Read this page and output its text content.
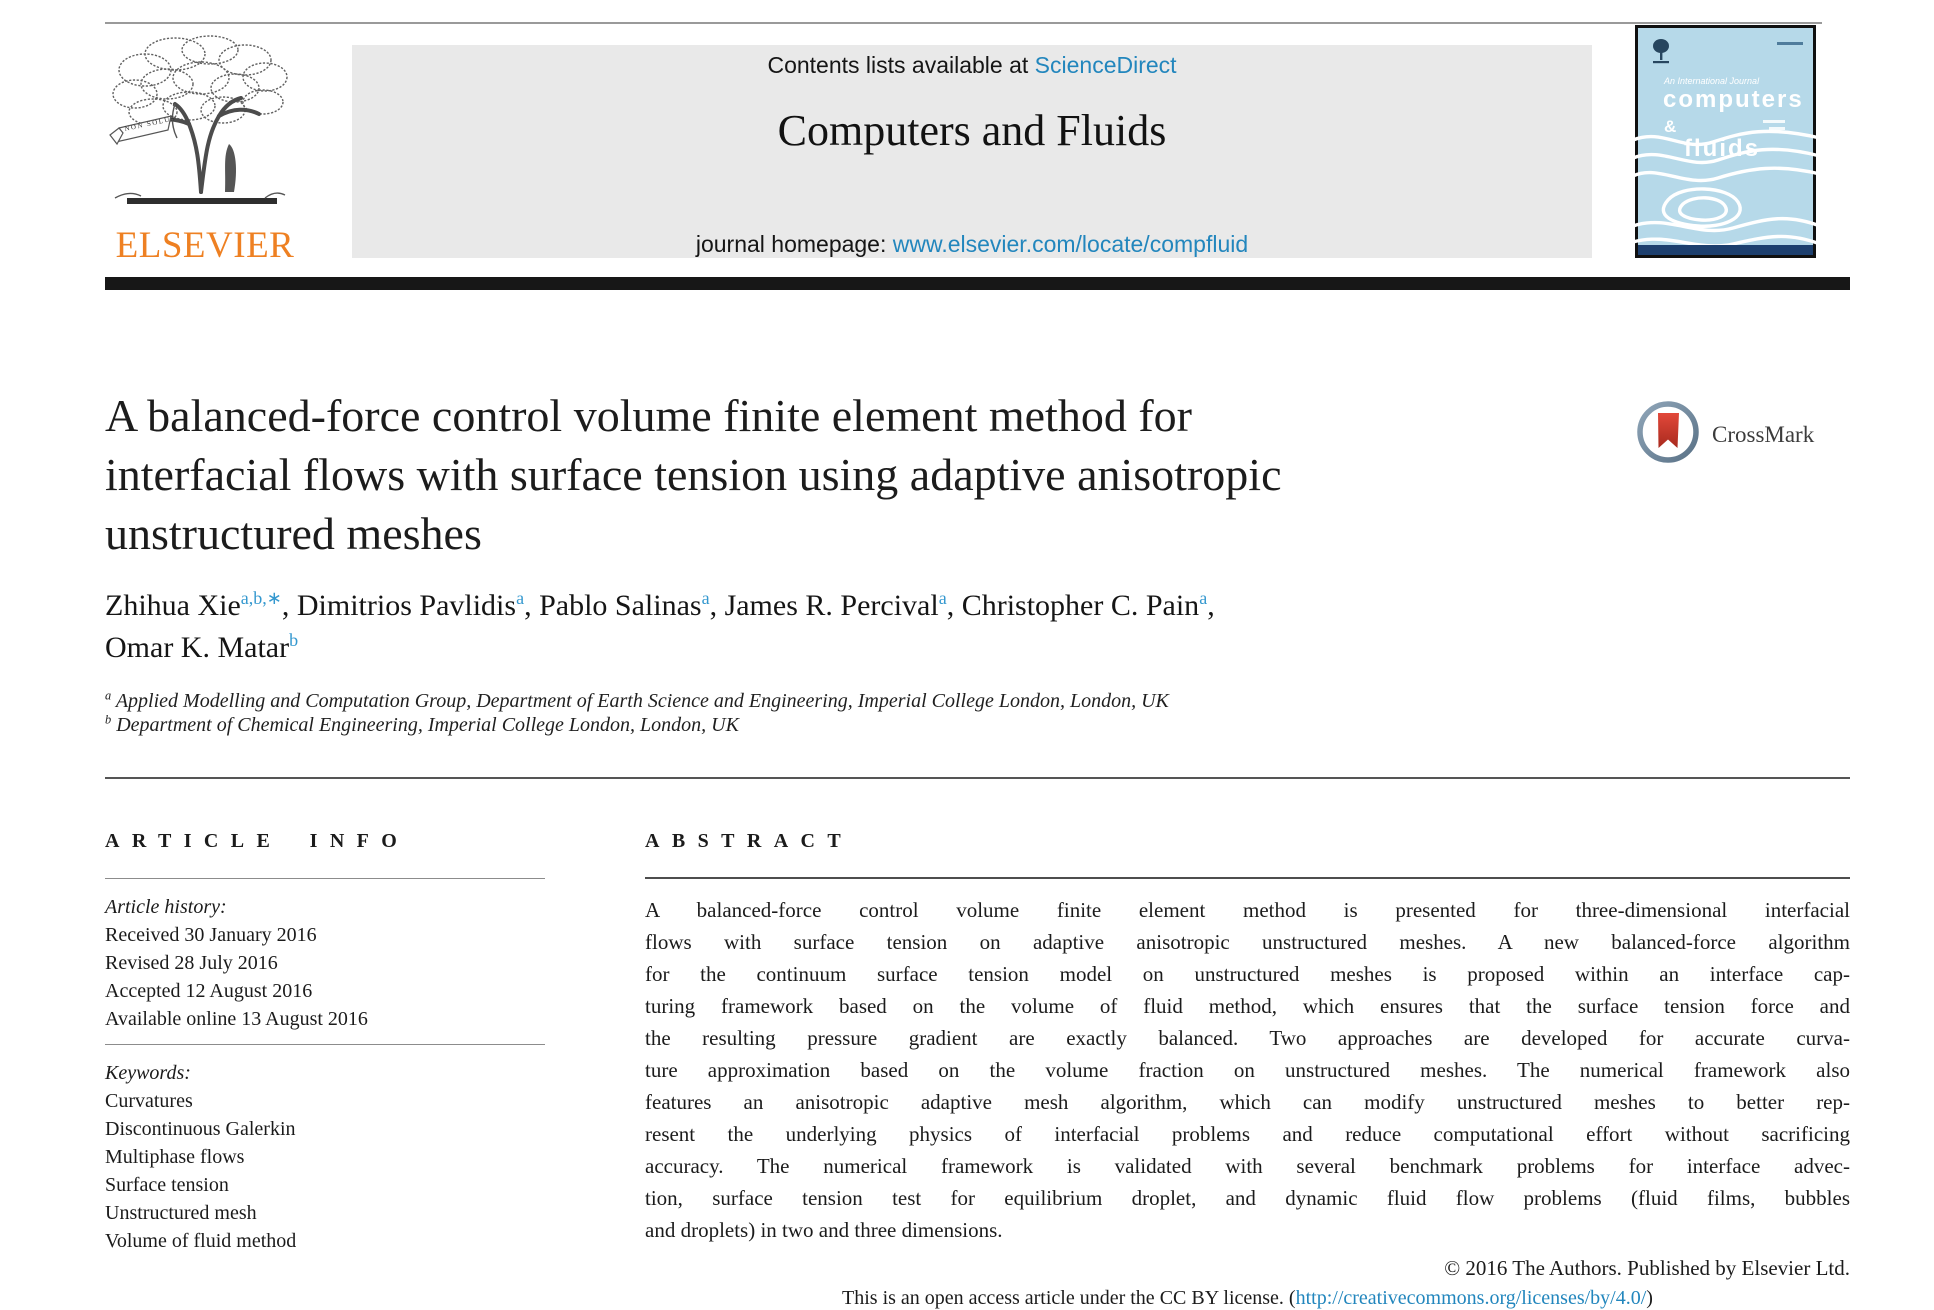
NON SOLUS
ELSEVIER
Contents lists available at ScienceDirect
Computers and Fluids
journal homepage: www.elsevier.com/locate/compfluid
An International Journal
computers
&
fluids
A balanced-force control volume finite element method for
interfacial flows with surface tension using adaptive anisotropic
unstructured meshes
CrossMark
Zhihua Xie$^{a,b,∗}$, Dimitrios Pavlidis$^a$, Pablo Salinas$^a$, James R. Percival$^a$, Christopher C. Pain$^a$,
Omar K. Matar$^b$
$^a$ Applied Modelling and Computation Group, Department of Earth Science and Engineering, Imperial College London, London, UK
$^b$ Department of Chemical Engineering, Imperial College London, London, UK
ARTICLE INFO
Article history:
Received 30 January 2016
Revised 28 July 2016
Accepted 12 August 2016
Available online 13 August 2016
Keywords:
Curvatures
Discontinuous Galerkin
Multiphase flows
Surface tension
Unstructured mesh
Volume of fluid method
ABSTRACT
A balanced-force control volume finite element method is presented for three-dimensional interfacial
flows with surface tension on adaptive anisotropic unstructured meshes. A new balanced-force algorithm
for the continuum surface tension model on unstructured meshes is proposed within an interface cap-
turing framework based on the volume of fluid method, which ensures that the surface tension force and
the resulting pressure gradient are exactly balanced. Two approaches are developed for accurate curva-
ture approximation based on the volume fraction on unstructured meshes. The numerical framework also
features an anisotropic adaptive mesh algorithm, which can modify unstructured meshes to better rep-
resent the underlying physics of interfacial problems and reduce computational effort without sacrificing
accuracy. The numerical framework is validated with several benchmark problems for interface advec-
tion, surface tension test for equilibrium droplet, and dynamic fluid flow problems (fluid films, bubbles
and droplets) in two and three dimensions.
© 2016 The Authors. Published by Elsevier Ltd.
This is an open access article under the CC BY license. (http://creativecommons.org/licenses/by/4.0/)
